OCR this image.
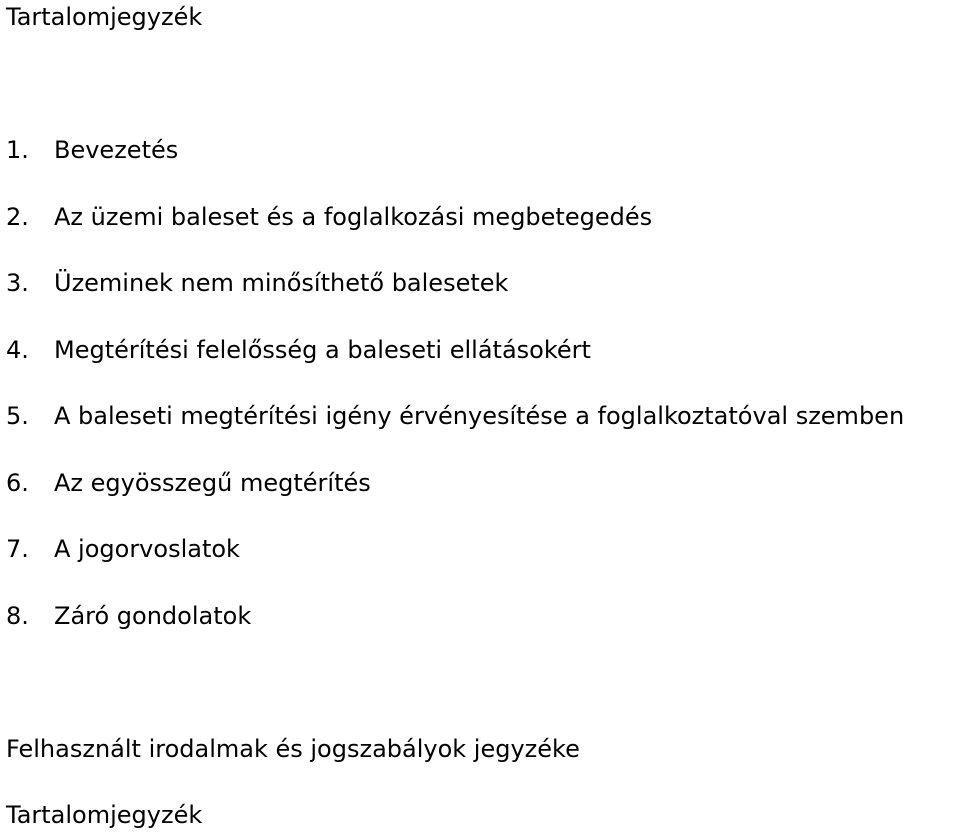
Tartalomjegyzék
1.	Bevezetés
2.	Az üzemi baleset és a foglalkozási megbetegedés
3.	Üzeminek nem minősíthető balesetek
4.	Megtérítési felelősség a baleseti ellátásokért
5.	A baleseti megtérítési igény érvényesítése a foglalkoztatóval szemben
6.	Az egyösszegű megtérítés
7.	A jogorvoslatok
8.	Záró gondolatok
Felhasznált irodalmak és jogszabályok jegyzéke
Tartalomjegyzék
